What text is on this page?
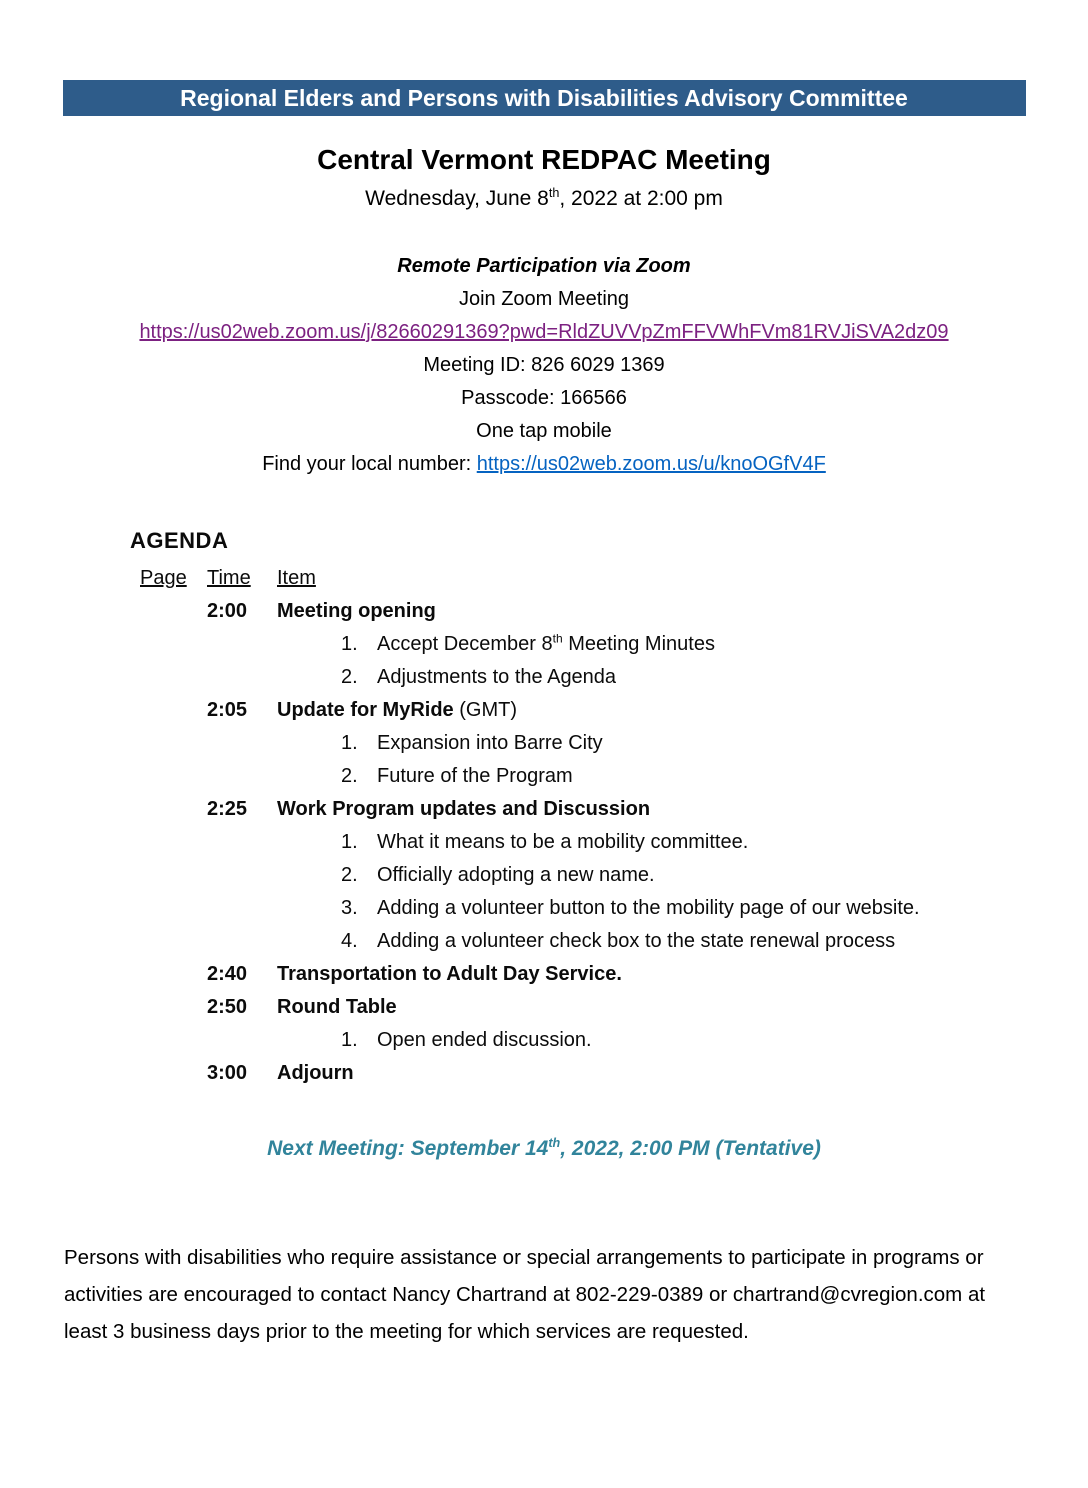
Regional Elders and Persons with Disabilities Advisory Committee
Central Vermont REDPAC Meeting
Wednesday, June 8th, 2022 at 2:00 pm
Remote Participation via Zoom
Join Zoom Meeting
https://us02web.zoom.us/j/82660291369?pwd=RldZUVVpZmFFVWhFVm81RVJiSVA2dz09
Meeting ID: 826 6029 1369
Passcode: 166566
One tap mobile
Find your local number: https://us02web.zoom.us/u/knoOGfV4F
AGENDA
Page Time Item
2:00	Meeting opening
1. Accept December 8th Meeting Minutes
2. Adjustments to the Agenda
2:05	Update for MyRide (GMT)
1. Expansion into Barre City
2. Future of the Program
2:25	Work Program updates and Discussion
1. What it means to be a mobility committee.
2. Officially adopting a new name.
3. Adding a volunteer button to the mobility page of our website.
4. Adding a volunteer check box to the state renewal process
2:40	Transportation to Adult Day Service.
2:50	Round Table
1. Open ended discussion.
3:00	Adjourn
Next Meeting: September 14th, 2022, 2:00 PM (Tentative)
Persons with disabilities who require assistance or special arrangements to participate in programs or activities are encouraged to contact Nancy Chartrand at 802-229-0389 or chartrand@cvregion.com at least 3 business days prior to the meeting for which services are requested.
